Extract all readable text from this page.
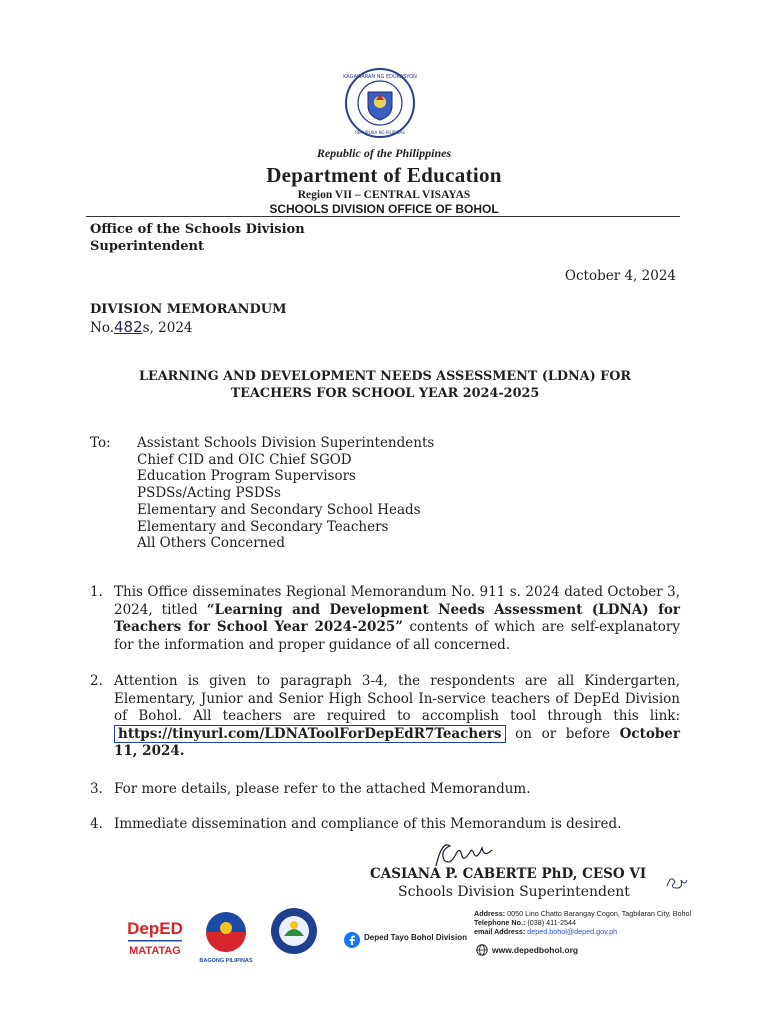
KAGAWARAN NG EDUKASYON
REPUBLIKA NG PILIPINAS
Republic of the Philippines
Department of Education
Region VII – CENTRAL VISAYAS
SCHOOLS DIVISION OFFICE OF BOHOL
Office of the Schools Division
Superintendent
October 4, 2024
DIVISION MEMORANDUM
No.482s, 2024
LEARNING AND DEVELOPMENT NEEDS ASSESSMENT (LDNA) FOR
TEACHERS FOR SCHOOL YEAR 2024-2025
To: Assistant Schools Division Superintendents
Chief CID and OIC Chief SGOD
Education Program Supervisors
PSDSs/Acting PSDSs
Elementary and Secondary School Heads
Elementary and Secondary Teachers
All Others Concerned
1. This Office disseminates Regional Memorandum No. 911 s. 2024 dated October 3, 2024, titled “Learning and Development Needs Assessment (LDNA) for Teachers for School Year 2024-2025” contents of which are self-explanatory for the information and proper guidance of all concerned.
2. Attention is given to paragraph 3-4, the respondents are all Kindergarten, Elementary, Junior and Senior High School In-service teachers of DepEd Division of Bohol. All teachers are required to accomplish tool through this link: https://tinyurl.com/LDNAToolForDepEdR7Teachers on or before October 11, 2024.
3. For more details, please refer to the attached Memorandum.
4. Immediate dissemination and compliance of this Memorandum is desired.
CASIANA P. CABERTE PhD, CESO VI
Schools Division Superintendent
DepED
MATATAG
BAGONG PILIPINAS
Deped Tayo Bohol Division
Address: 0050 Lino Chatto Barangay Cogon, Tagbilaran City, Bohol
Telephone No.: (038) 411-2544
email Address: deped.bohol@deped.gov.ph
www.depedbohol.org
